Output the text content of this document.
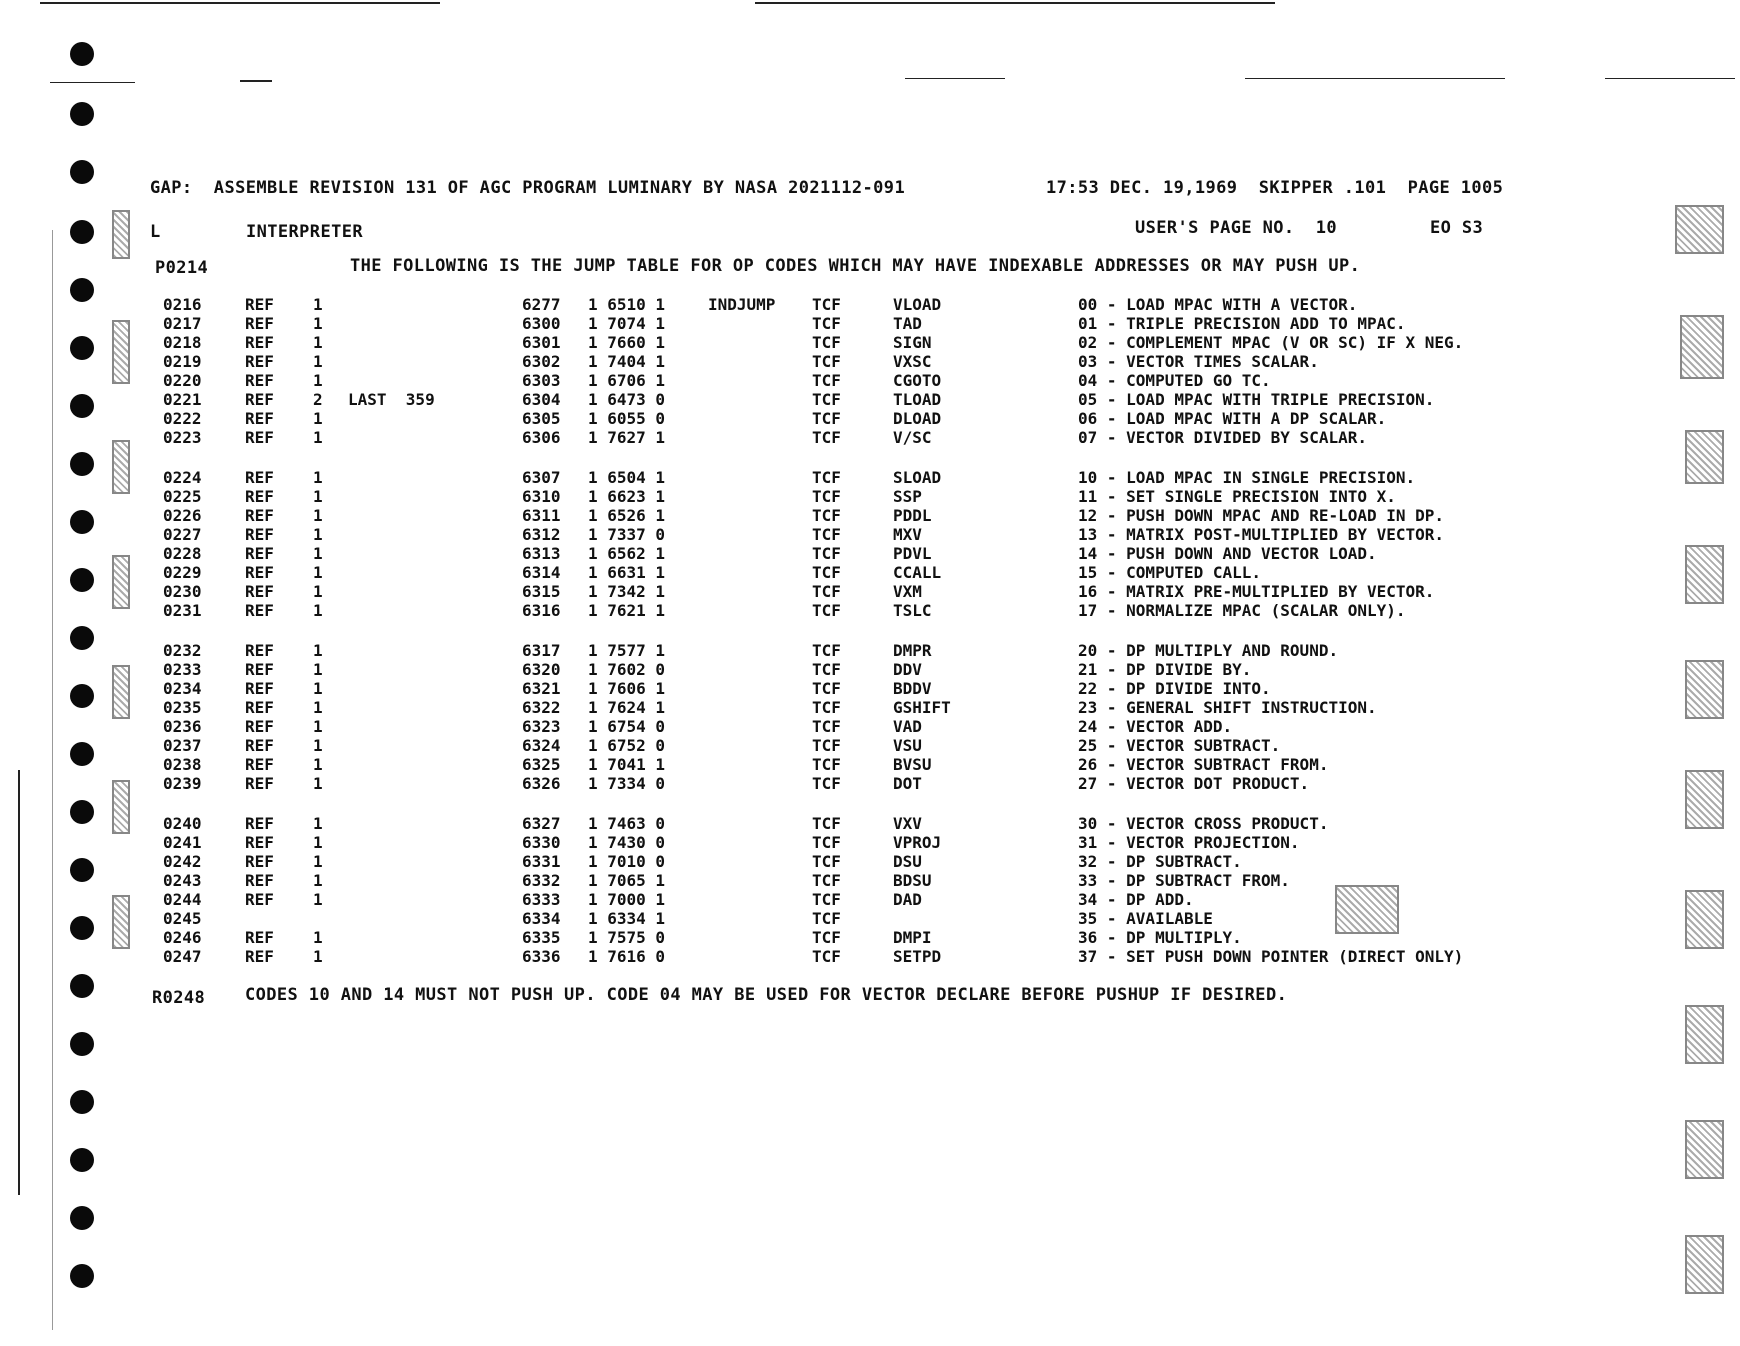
GAP:  ASSEMBLE REVISION 131 OF AGC PROGRAM LUMINARY BY NASA 2021112-091	17:53 DEC. 19,1969  SKIPPER .101  PAGE 1005
L	INTERPRETER	USER'S PAGE NO.  10	EO S3
P0214	THE FOLLOWING IS THE JUMP TABLE FOR OP CODES WHICH MAY HAVE INDEXABLE ADDRESSES OR MAY PUSH UP.
0216	REF 1	6277 1 6510 1	INDJUMP TCF	VLOAD	00 - LOAD MPAC WITH A VECTOR.
0217	REF 1	6300 1 7074 1	TCF	TAD	01 - TRIPLE PRECISION ADD TO MPAC.
0218	REF 1	6301 1 7660 1	TCF	SIGN	02 - COMPLEMENT MPAC (V OR SC) IF X NEG.
0219	REF 1	6302 1 7404 1	TCF	VXSC	03 - VECTOR TIMES SCALAR.
0220	REF 1	6303 1 6706 1	TCF	CGOTO	04 - COMPUTED GO TC.
0221	REF 2 LAST  359	6304 1 6473 0	TCF	TLOAD	05 - LOAD MPAC WITH TRIPLE PRECISION.
0222	REF 1	6305 1 6055 0	TCF	DLOAD	06 - LOAD MPAC WITH A DP SCALAR.
0223	REF 1	6306 1 7627 1	TCF	V/SC	07 - VECTOR DIVIDED BY SCALAR.
0224	REF 1	6307 1 6504 1	TCF	SLOAD	10 - LOAD MPAC IN SINGLE PRECISION.
0225	REF 1	6310 1 6623 1	TCF	SSP	11 - SET SINGLE PRECISION INTO X.
0226	REF 1	6311 1 6526 1	TCF	PDDL	12 - PUSH DOWN MPAC AND RE-LOAD IN DP.
0227	REF 1	6312 1 7337 0	TCF	MXV	13 - MATRIX POST-MULTIPLIED BY VECTOR.
0228	REF 1	6313 1 6562 1	TCF	PDVL	14 - PUSH DOWN AND VECTOR LOAD.
0229	REF 1	6314 1 6631 1	TCF	CCALL	15 - COMPUTED CALL.
0230	REF 1	6315 1 7342 1	TCF	VXM	16 - MATRIX PRE-MULTIPLIED BY VECTOR.
0231	REF 1	6316 1 7621 1	TCF	TSLC	17 - NORMALIZE MPAC (SCALAR ONLY).
0232	REF 1	6317 1 7577 1	TCF	DMPR	20 - DP MULTIPLY AND ROUND.
0233	REF 1	6320 1 7602 0	TCF	DDV	21 - DP DIVIDE BY.
0234	REF 1	6321 1 7606 1	TCF	BDDV	22 - DP DIVIDE INTO.
0235	REF 1	6322 1 7624 1	TCF	GSHIFT	23 - GENERAL SHIFT INSTRUCTION.
0236	REF 1	6323 1 6754 0	TCF	VAD	24 - VECTOR ADD.
0237	REF 1	6324 1 6752 0	TCF	VSU	25 - VECTOR SUBTRACT.
0238	REF 1	6325 1 7041 1	TCF	BVSU	26 - VECTOR SUBTRACT FROM.
0239	REF 1	6326 1 7334 0	TCF	DOT	27 - VECTOR DOT PRODUCT.
0240	REF 1	6327 1 7463 0	TCF	VXV	30 - VECTOR CROSS PRODUCT.
0241	REF 1	6330 1 7430 0	TCF	VPROJ	31 - VECTOR PROJECTION.
0242	REF 1	6331 1 7010 0	TCF	DSU	32 - DP SUBTRACT.
0243	REF 1	6332 1 7065 1	TCF	BDSU	33 - DP SUBTRACT FROM.
0244	REF 1	6333 1 7000 1	TCF	DAD	34 - DP ADD.
0245	6334 1 6334 1	TCF	35 - AVAILABLE
0246	REF 1	6335 1 7575 0	TCF	DMPI	36 - DP MULTIPLY.
0247	REF 1	6336 1 7616 0	TCF	SETPD	37 - SET PUSH DOWN POINTER (DIRECT ONLY)
R0248 CODES 10 AND 14 MUST NOT PUSH UP. CODE 04 MAY BE USED FOR VECTOR DECLARE BEFORE PUSHUP IF DESIRED.
